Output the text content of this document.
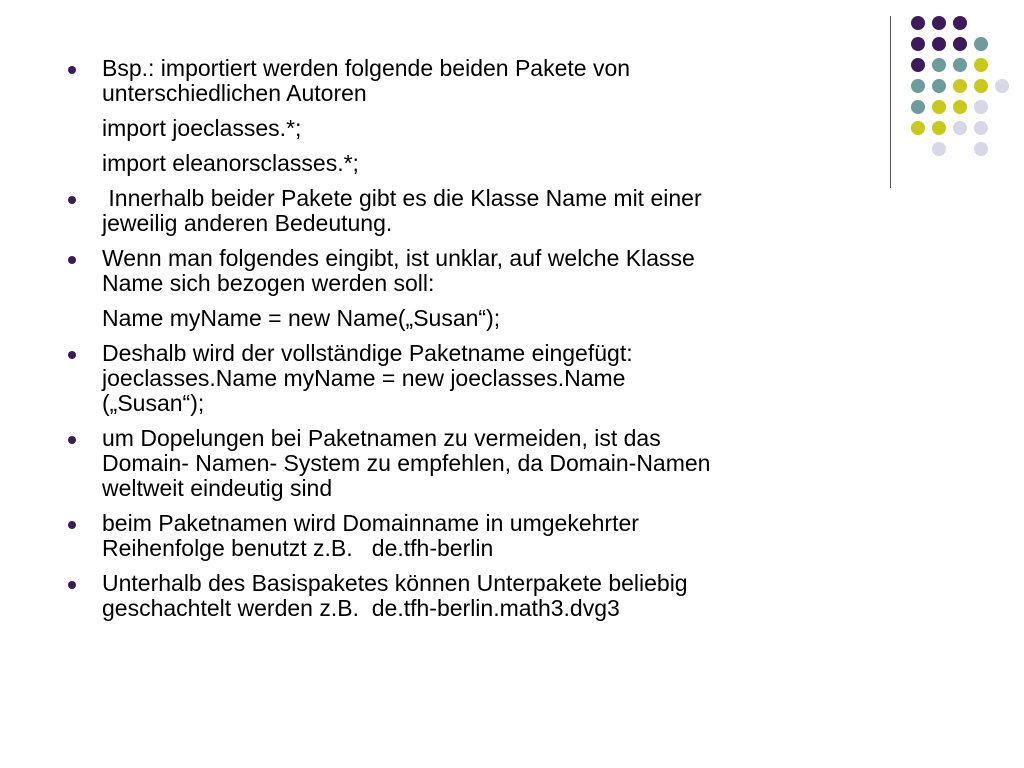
Bsp.: importiert werden folgende beiden Pakete von
unterschiedlichen Autoren
import joeclasses.*;
import eleanorsclasses.*;
Innerhalb beider Pakete gibt es die Klasse Name mit einer
jeweilig anderen Bedeutung.
Wenn man folgendes eingibt, ist unklar, auf welche Klasse
Name sich bezogen werden soll:
Name myName = new Name(„Susan“);
Deshalb wird der vollständige Paketname eingefügt:
joeclasses.Name myName = new joeclasses.Name
(„Susan“);
um Dopelungen bei Paketnamen zu vermeiden, ist das
Domain- Namen- System zu empfehlen, da Domain-Namen
weltweit eindeutig sind
beim Paketnamen wird Domainname in umgekehrter
Reihenfolge benutzt z.B.   de.tfh-berlin
Unterhalb des Basispaketes können Unterpakete beliebig
geschachtelt werden z.B.  de.tfh-berlin.math3.dvg3
